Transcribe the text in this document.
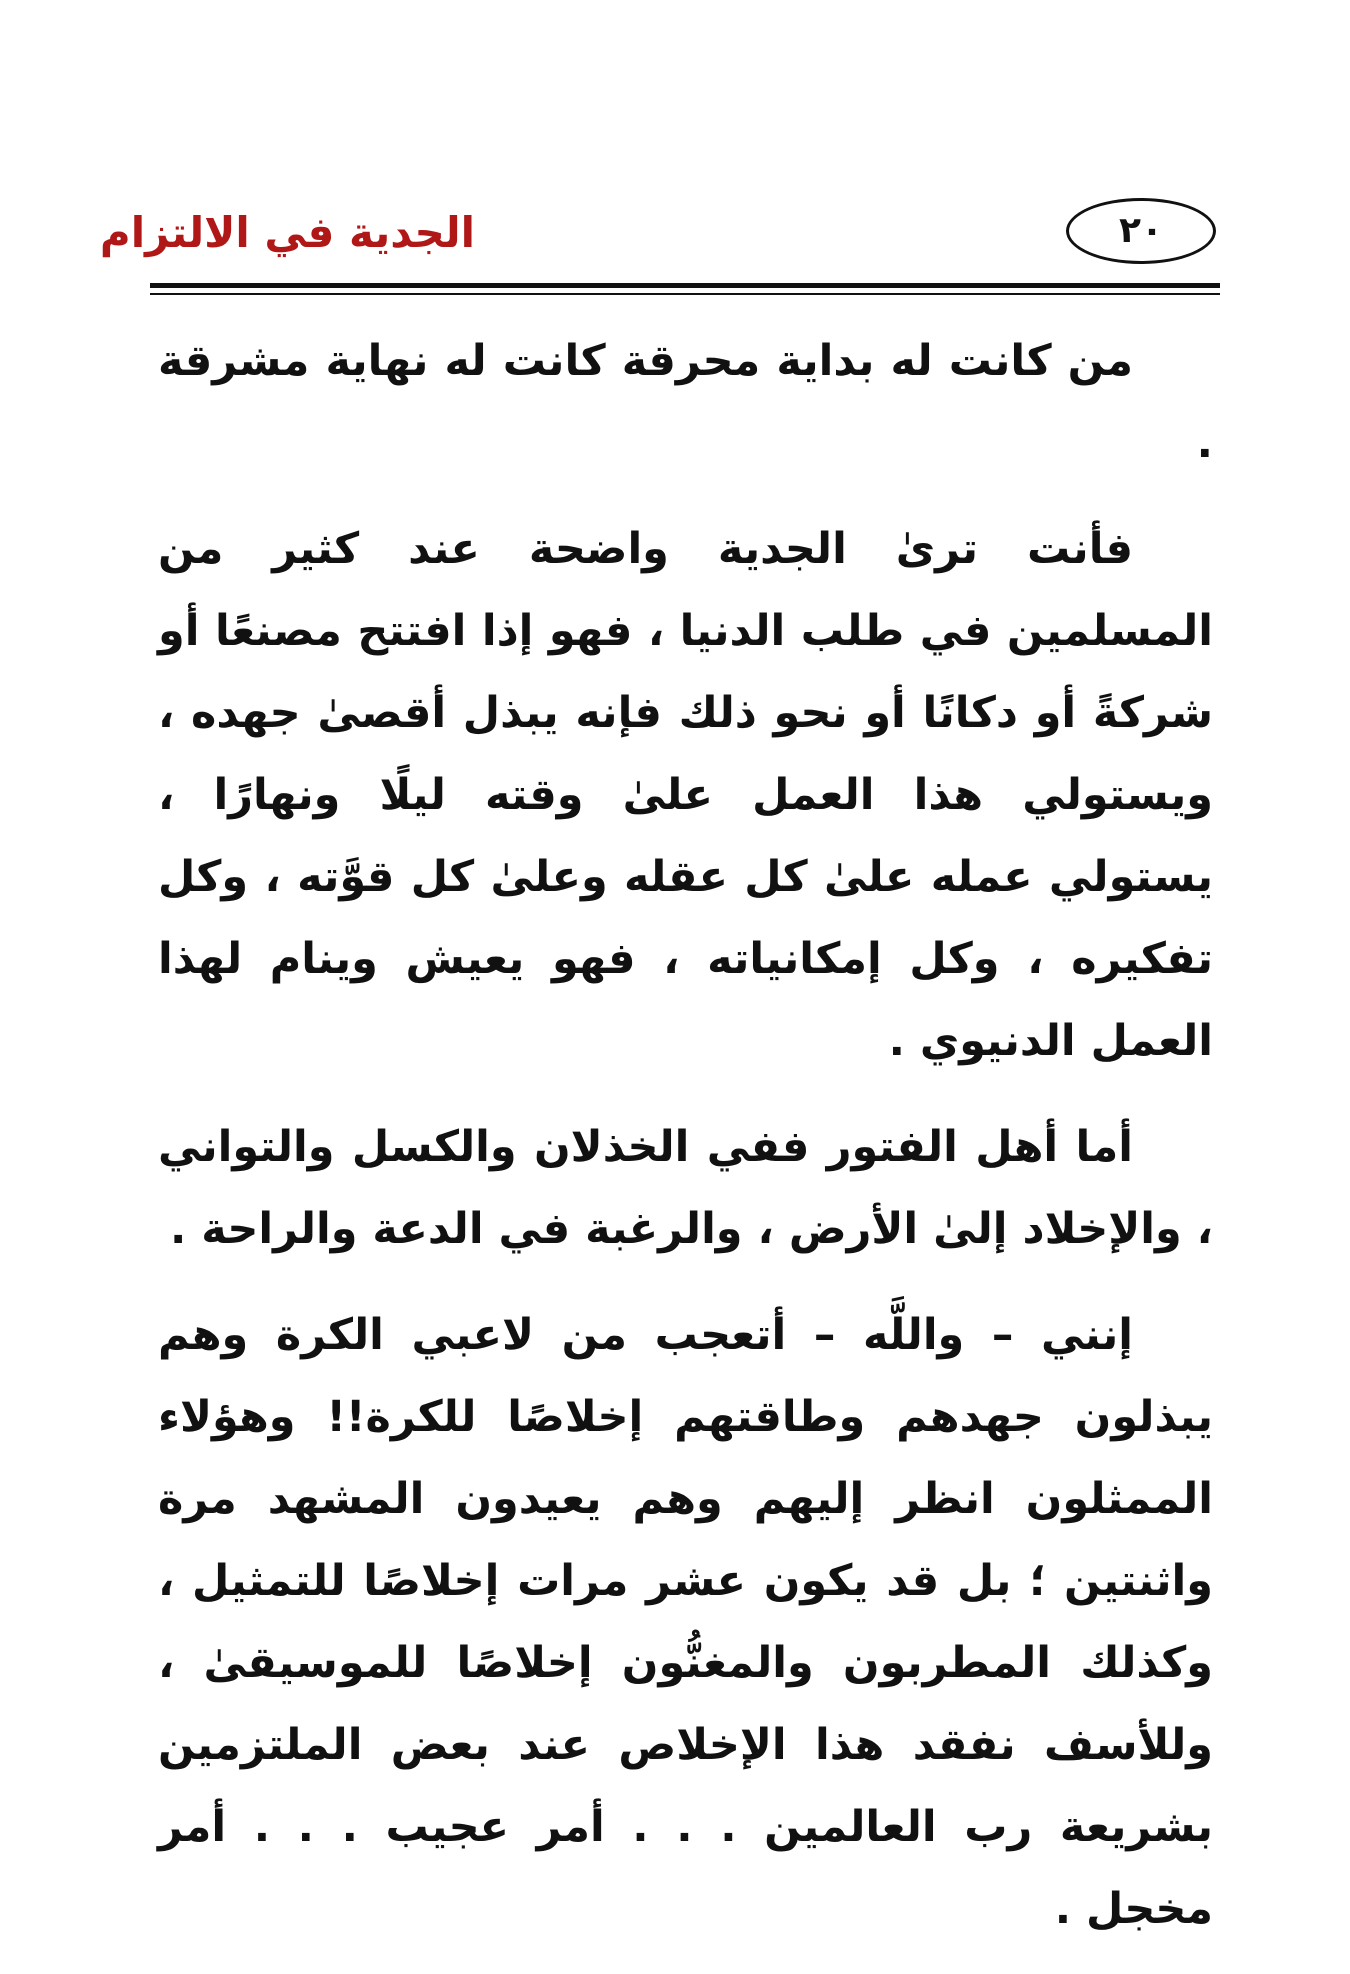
الجدية في الالتزام	٢٠

من كانت له بداية محرقة كانت له نهاية مشرقة .

فأنت ترىٰ الجدية واضحة عند كثير من المسلمين في طلب الدنيا ، فهو إذا افتتح مصنعًا أو شركةً أو دكانًا أو نحو ذلك فإنه يبذل أقصىٰ جهده ، ويستولي هذا العمل علىٰ وقته ليلًا ونهارًا ، يستولي عمله علىٰ كل عقله وعلىٰ كل قوَّته ، وكل تفكيره ، وكل إمكانياته ، فهو يعيش وينام لهذا العمل الدنيوي .

أما أهل الفتور ففي الخذلان والكسل والتواني ، والإخلاد إلىٰ الأرض ، والرغبة في الدعة والراحة .

إنني – واللَّه – أتعجب من لاعبي الكرة وهم يبذلون جهدهم وطاقتهم إخلاصًا للكرة!! وهؤلاء الممثلون انظر إليهم وهم يعيدون المشهد مرة واثنتين ؛ بل قد يكون عشر مرات إخلاصًا للتمثيل ، وكذلك المطربون والمغنُّون إخلاصًا للموسيقىٰ ، وللأسف نفقد هذا الإخلاص عند بعض الملتزمين بشريعة رب العالمين . . . أمر عجيب . . . أمر مخجل .
